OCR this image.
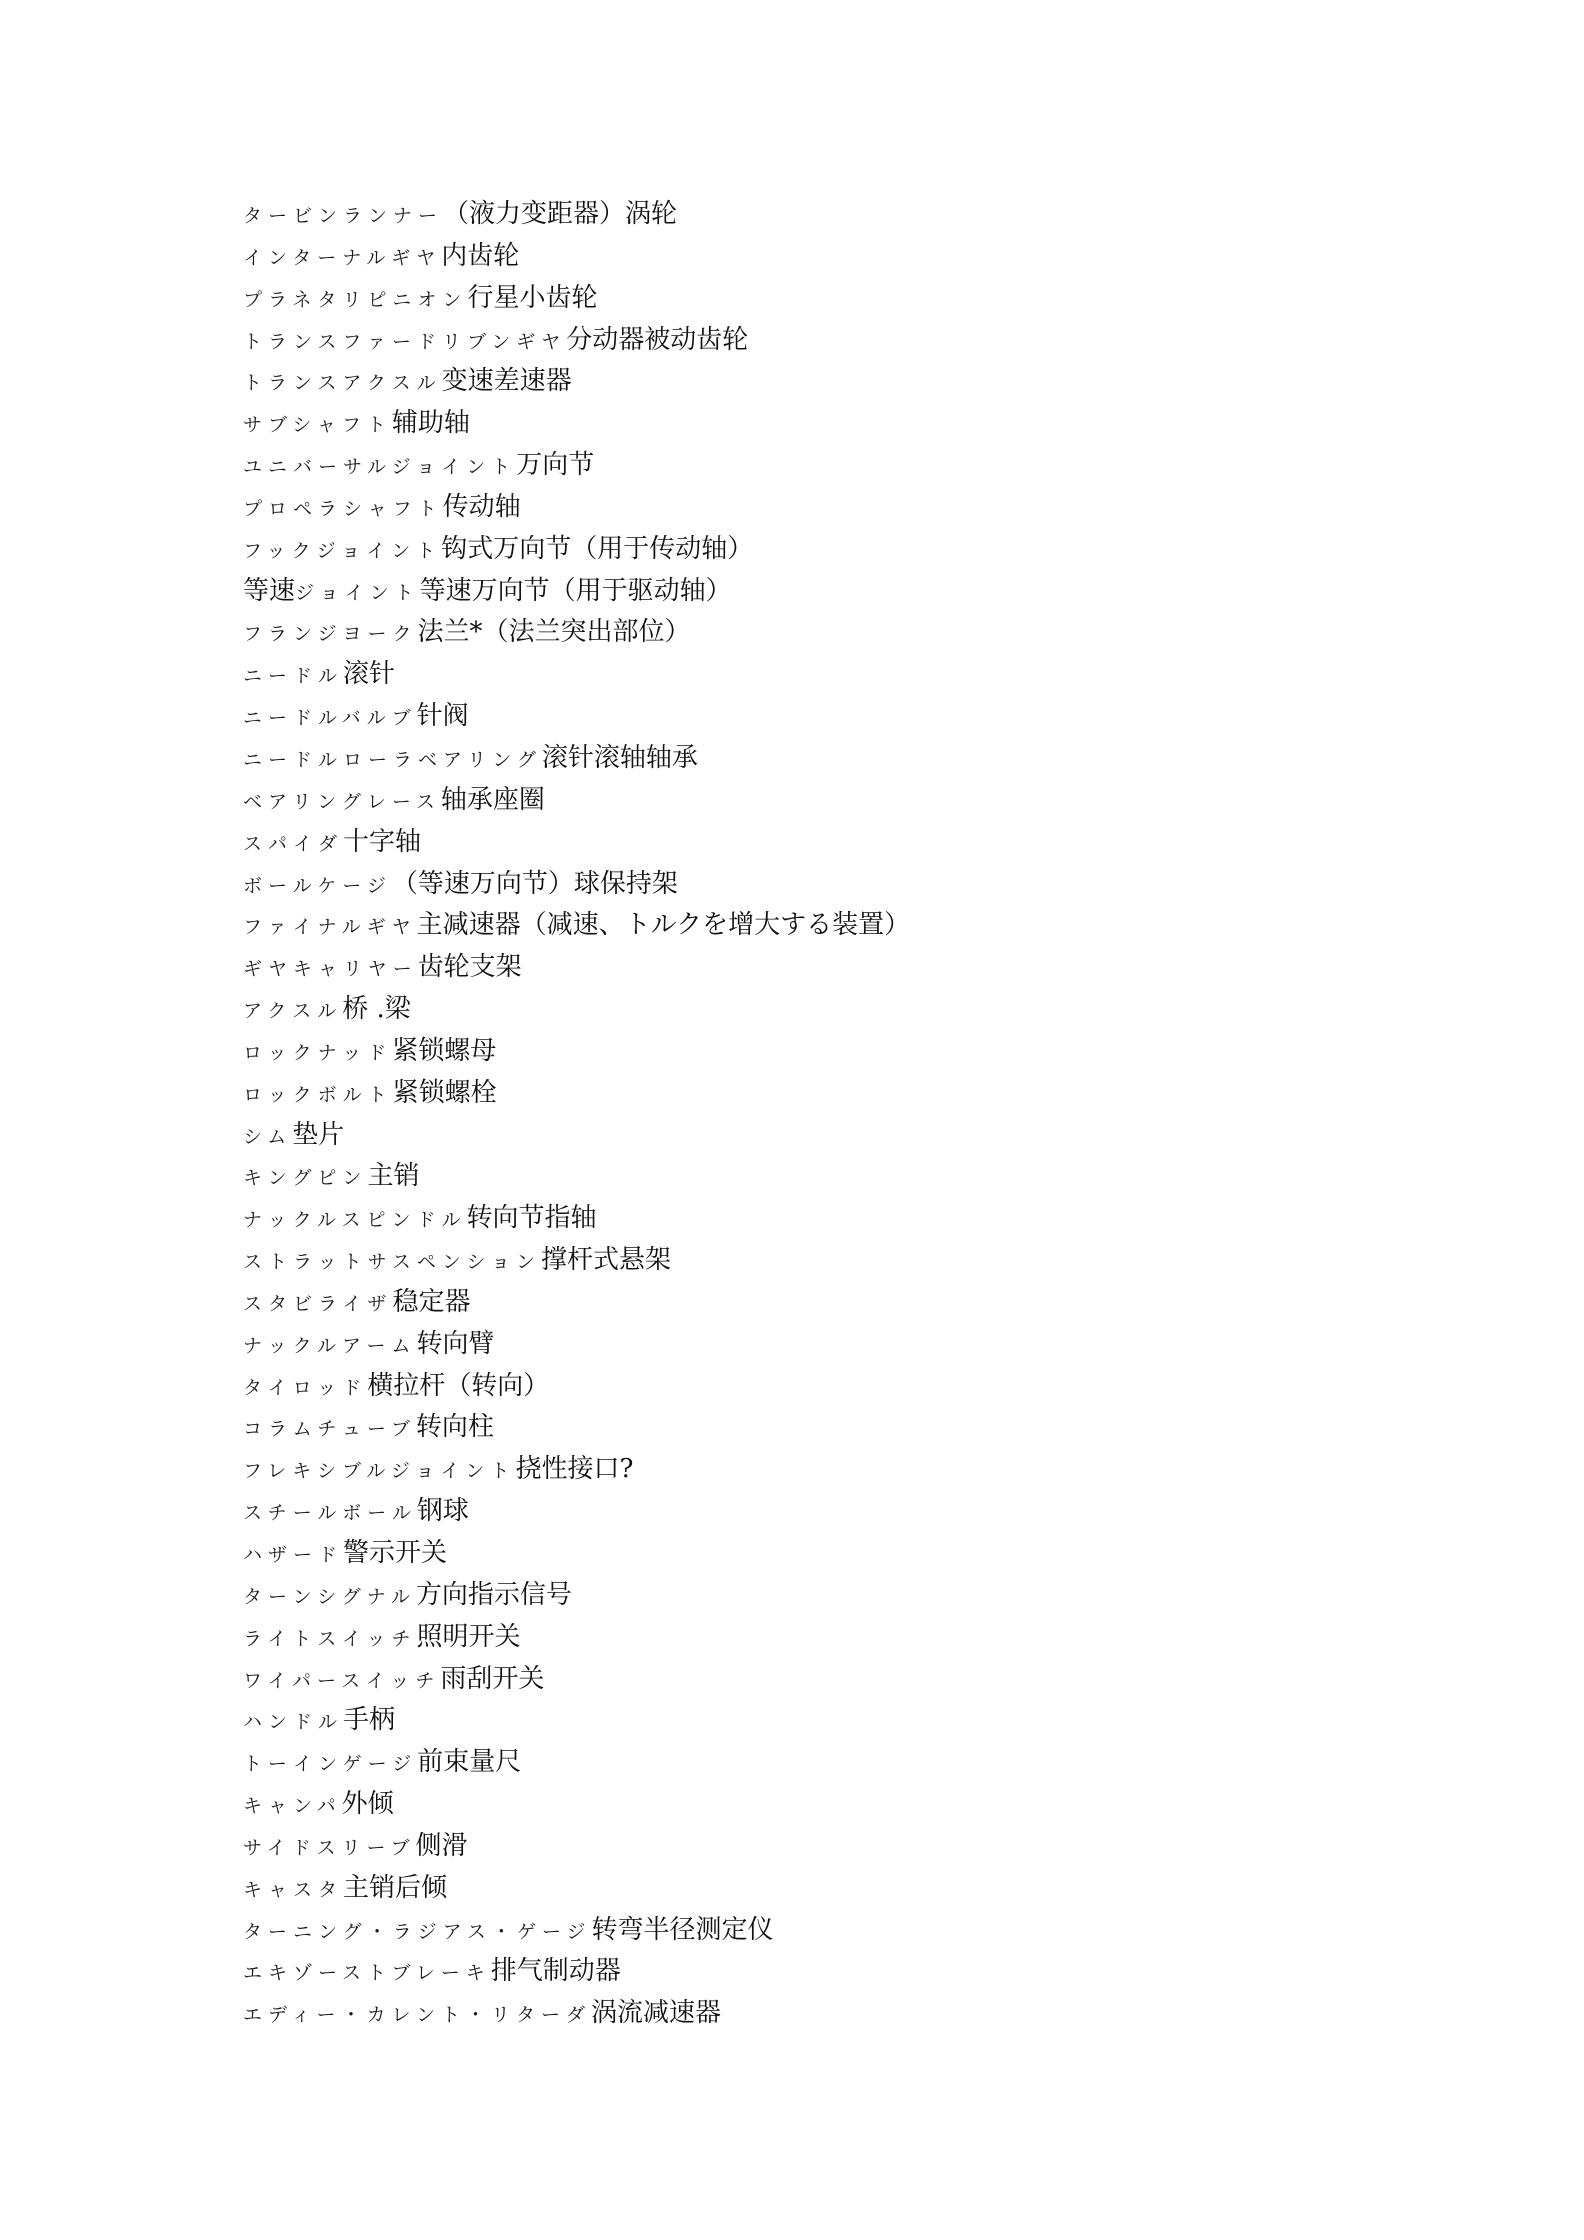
タービンランナー（液力变距器）涡轮
インターナルギヤ内齿轮
プラネタリピニオン行星小齿轮
トランスファードリブンギヤ分动器被动齿轮
トランスアクスル变速差速器
サブシャフト辅助轴
ユニバーサルジョイント万向节
プロペラシャフト传动轴
フックジョイント钩式万向节（用于传动轴）
等速ジョイント等速万向节（用于驱动轴）
フランジヨーク法兰*（法兰突出部位）
ニードル滚针
ニードルバルブ针阀
ニードルローラベアリング滚针滚轴轴承
ベアリングレース轴承座圈
スパイダ十字轴
ボールケージ（等速万向节）球保持架
ファイナルギヤ主减速器（减速、トルクを增大する装置）
ギヤキャリヤー齿轮支架
アクスル桥 .梁
ロックナッド紧锁螺母
ロックボルト紧锁螺栓
シム垫片
キングピン主销
ナックルスピンドル转向节指轴
ストラットサスペンション撑杆式悬架
スタビライザ稳定器
ナックルアーム转向臂
タイロッド横拉杆（转向）
コラムチューブ转向柱
フレキシブルジョイント挠性接口?
スチールボール钢球
ハザード警示开关
ターンシグナル方向指示信号
ライトスイッチ照明开关
ワイパースイッチ雨刮开关
ハンドル手柄
トーインゲージ前束量尺
キャンパ外倾
サイドスリーブ侧滑
キャスタ主销后倾
ターニング・ラジアス・ゲージ转弯半径测定仪
エキゾーストブレーキ排气制动器
エディー・カレント・リターダ涡流减速器
